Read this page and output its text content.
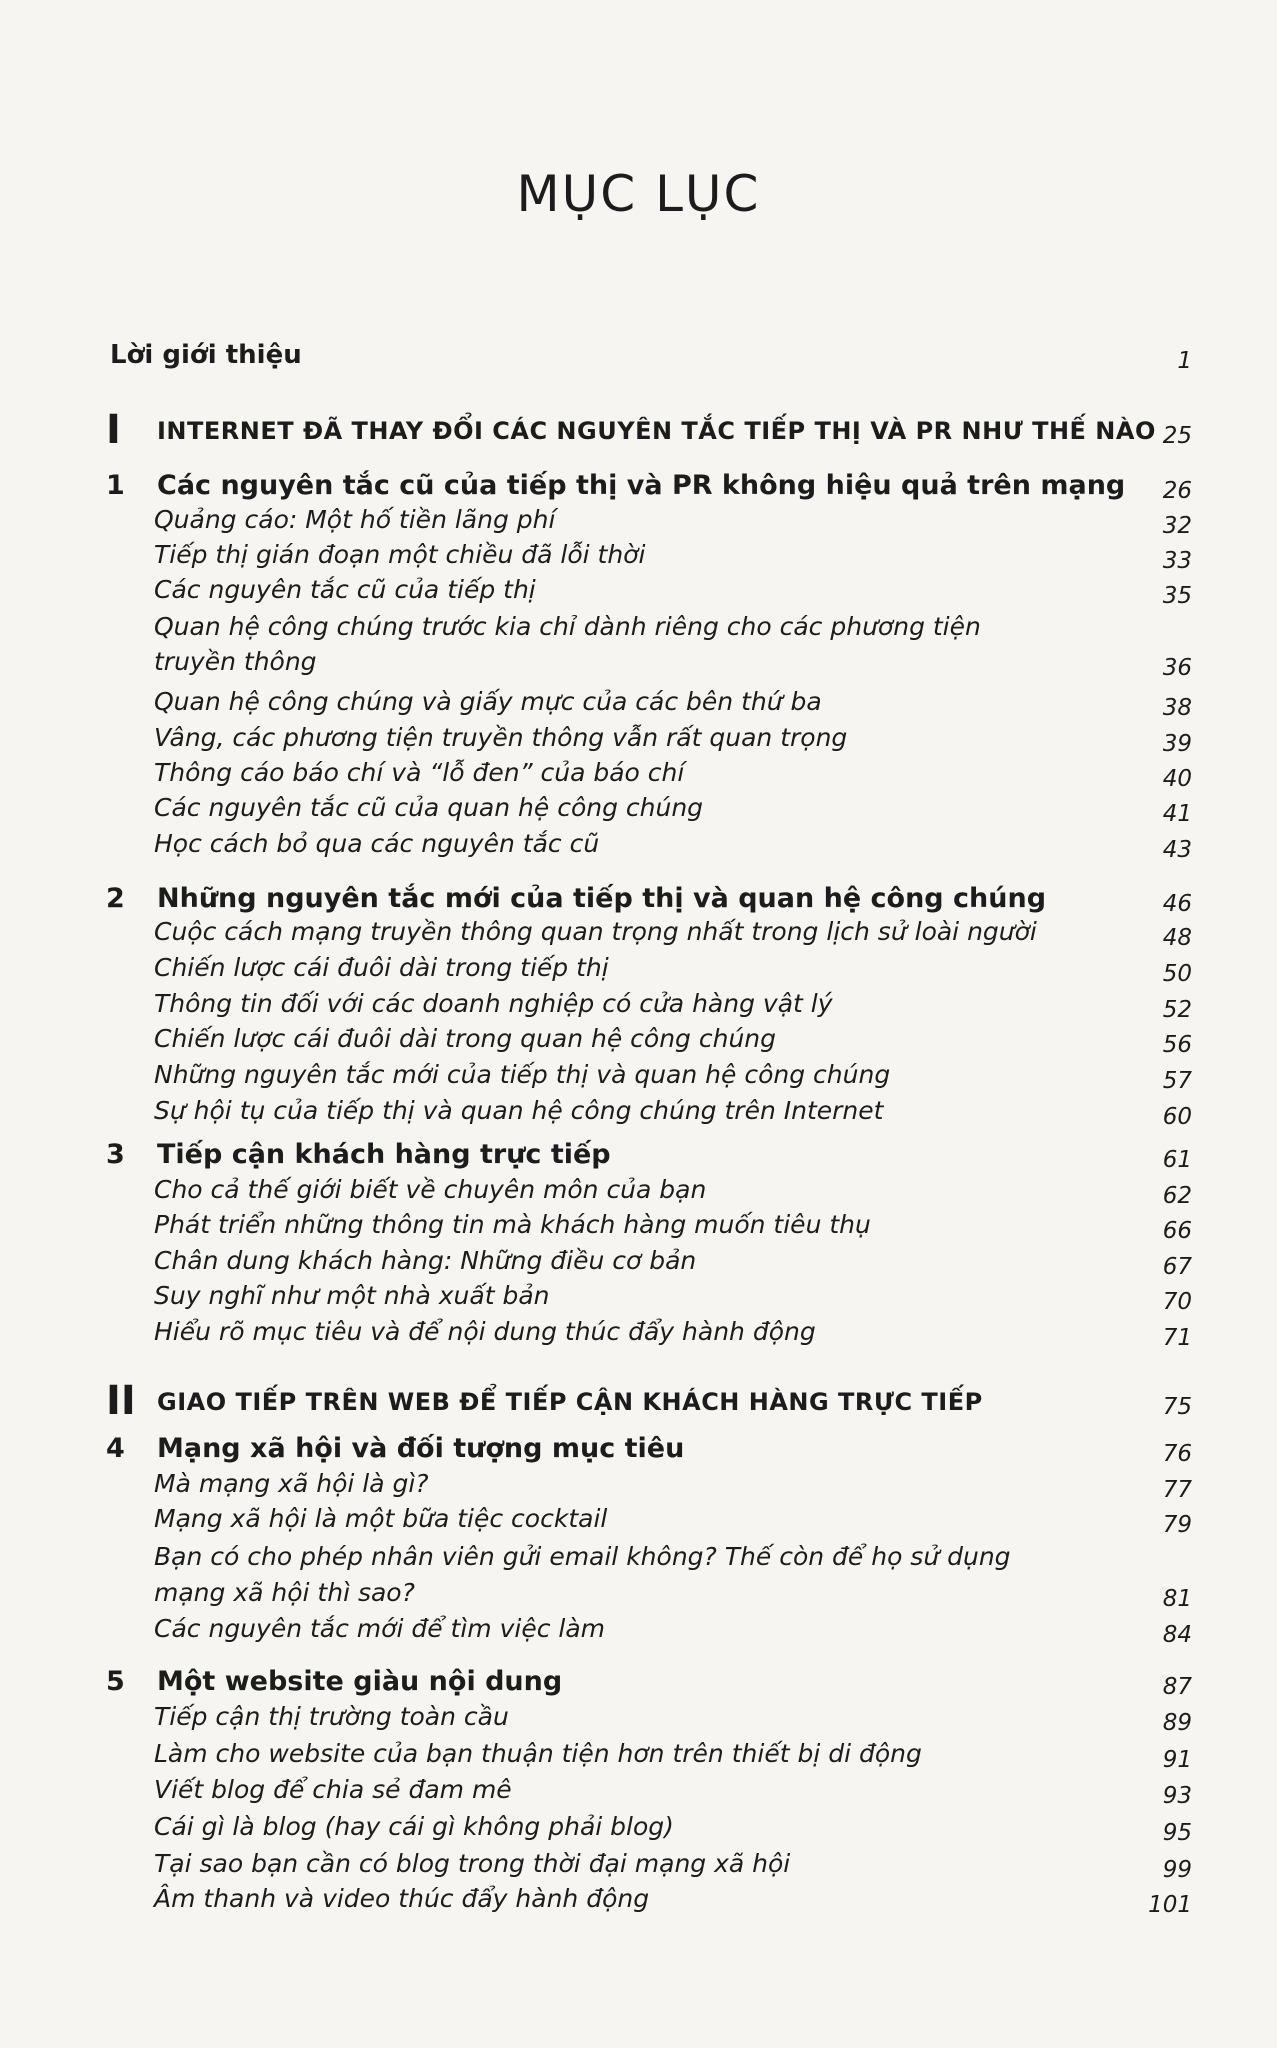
MỤC LỤC
Lời giới thiệu	1
I INTERNET ĐÃ THAY ĐỔI CÁC NGUYÊN TẮC TIẾP THỊ VÀ PR NHƯ THẾ NÀO 25
1 Các nguyên tắc cũ của tiếp thị và PR không hiệu quả trên mạng	26
Quảng cáo: Một hố tiền lãng phí	32
Tiếp thị gián đoạn một chiều đã lỗi thời	33
Các nguyên tắc cũ của tiếp thị	35
Quan hệ công chúng trước kia chỉ dành riêng cho các phương tiện
truyền thông	36
Quan hệ công chúng và giấy mực của các bên thứ ba	38
Vâng, các phương tiện truyền thông vẫn rất quan trọng	39
Thông cáo báo chí và “lỗ đen” của báo chí	40
Các nguyên tắc cũ của quan hệ công chúng	41
Học cách bỏ qua các nguyên tắc cũ	43
2 Những nguyên tắc mới của tiếp thị và quan hệ công chúng	46
Cuộc cách mạng truyền thông quan trọng nhất trong lịch sử loài người	48
Chiến lược cái đuôi dài trong tiếp thị	50
Thông tin đối với các doanh nghiệp có cửa hàng vật lý	52
Chiến lược cái đuôi dài trong quan hệ công chúng	56
Những nguyên tắc mới của tiếp thị và quan hệ công chúng	57
Sự hội tụ của tiếp thị và quan hệ công chúng trên Internet	60
3 Tiếp cận khách hàng trực tiếp	61
Cho cả thế giới biết về chuyên môn của bạn	62
Phát triển những thông tin mà khách hàng muốn tiêu thụ	66
Chân dung khách hàng: Những điều cơ bản	67
Suy nghĩ như một nhà xuất bản	70
Hiểu rõ mục tiêu và để nội dung thúc đẩy hành động	71
II GIAO TIẾP TRÊN WEB ĐỂ TIẾP CẬN KHÁCH HÀNG TRỰC TIẾP	75
4 Mạng xã hội và đối tượng mục tiêu	76
Mà mạng xã hội là gì?	77
Mạng xã hội là một bữa tiệc cocktail	79
Bạn có cho phép nhân viên gửi email không? Thế còn để họ sử dụng
mạng xã hội thì sao?	81
Các nguyên tắc mới để tìm việc làm	84
5 Một website giàu nội dung	87
Tiếp cận thị trường toàn cầu	89
Làm cho website của bạn thuận tiện hơn trên thiết bị di động	91
Viết blog để chia sẻ đam mê	93
Cái gì là blog (hay cái gì không phải blog)	95
Tại sao bạn cần có blog trong thời đại mạng xã hội	99
Âm thanh và video thúc đẩy hành động	101
